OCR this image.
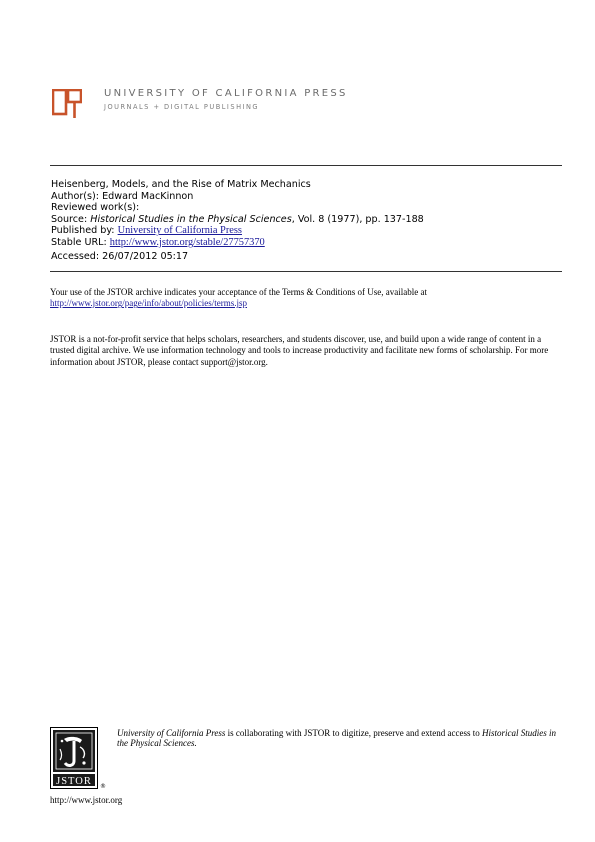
UNIVERSITY OF CALIFORNIA PRESS
JOURNALS + DIGITAL PUBLISHING
Heisenberg, Models, and the Rise of Matrix Mechanics
Author(s): Edward MacKinnon
Reviewed work(s):
Source: Historical Studies in the Physical Sciences, Vol. 8 (1977), pp. 137-188
Published by: University of California Press
Stable URL: http://www.jstor.org/stable/27757370
Accessed: 26/07/2012 05:17
Your use of the JSTOR archive indicates your acceptance of the Terms & Conditions of Use, available at
http://www.jstor.org/page/info/about/policies/terms.jsp
JSTOR is a not-for-profit service that helps scholars, researchers, and students discover, use, and build upon a wide range of content in a trusted digital archive. We use information technology and tools to increase productivity and facilitate new forms of scholarship. For more information about JSTOR, please contact support@jstor.org.
JSTOR ®
University of California Press is collaborating with JSTOR to digitize, preserve and extend access to Historical Studies in the Physical Sciences.
http://www.jstor.org
